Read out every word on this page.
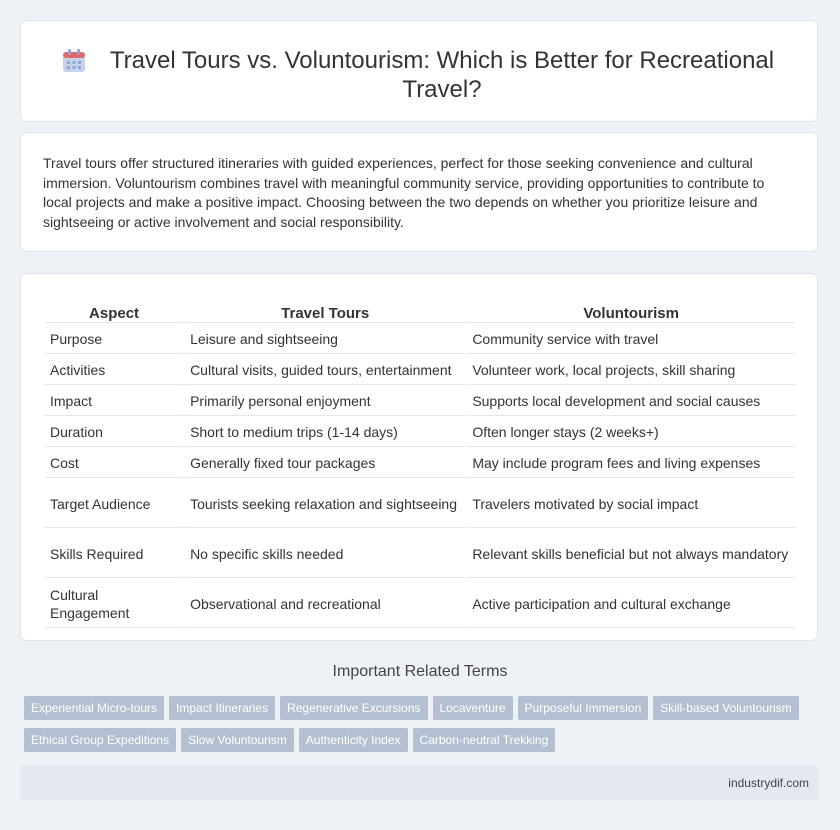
Travel Tours vs. Voluntourism: Which is Better for Recreational Travel?

Travel tours offer structured itineraries with guided experiences, perfect for those seeking convenience and cultural immersion. Voluntourism combines travel with meaningful community service, providing opportunities to contribute to local projects and make a positive impact. Choosing between the two depends on whether you prioritize leisure and sightseeing or active involvement and social responsibility.

Aspect	Travel Tours	Voluntourism
Purpose	Leisure and sightseeing	Community service with travel
Activities	Cultural visits, guided tours, entertainment	Volunteer work, local projects, skill sharing
Impact	Primarily personal enjoyment	Supports local development and social causes
Duration	Short to medium trips (1-14 days)	Often longer stays (2 weeks+)
Cost	Generally fixed tour packages	May include program fees and living expenses
Target Audience	Tourists seeking relaxation and sightseeing	Travelers motivated by social impact
Skills Required	No specific skills needed	Relevant skills beneficial but not always mandatory
Cultural Engagement	Observational and recreational	Active participation and cultural exchange
Important Related Terms
Experiential Micro-tours Impact Itineraries Regenerative Excursions Locaventure Purposeful Immersion Skill-based Voluntourism
Ethical Group Expeditions Slow Voluntourism Authenticity Index Carbon-neutral Trekking
industrydif.com
